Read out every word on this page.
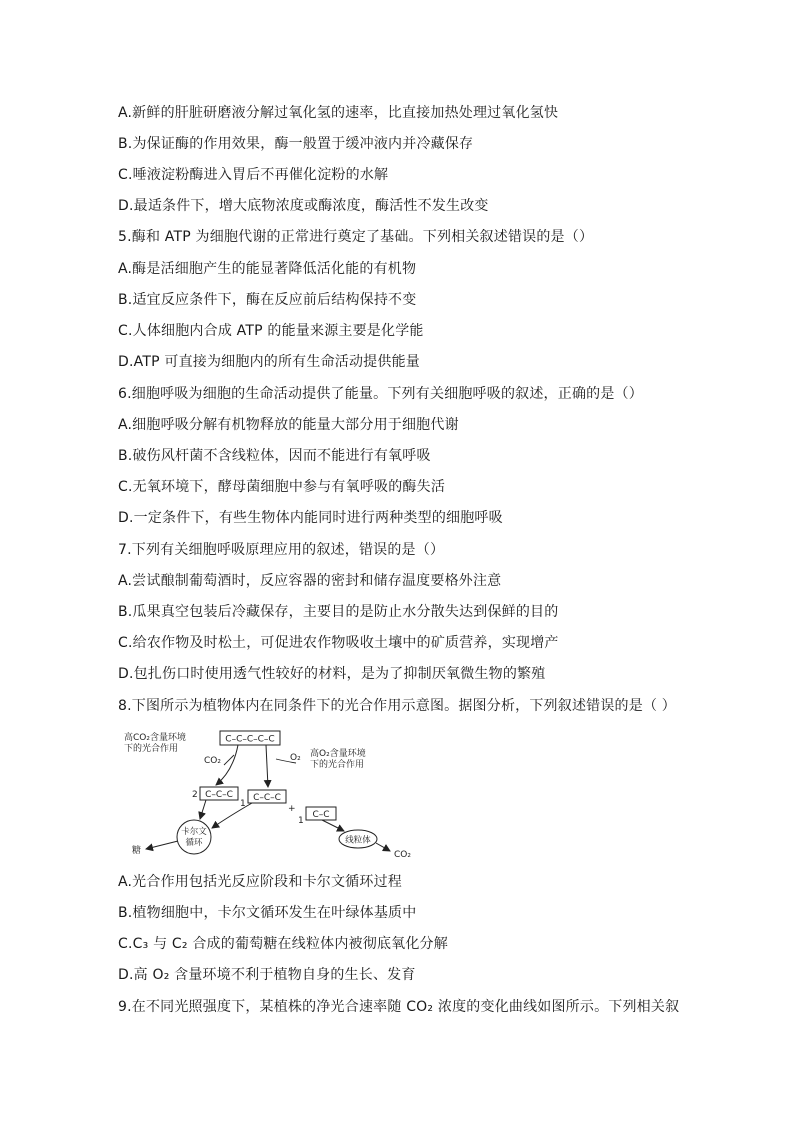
A.新鲜的肝脏研磨液分解过氧化氢的速率，比直接加热处理过氧化氢快
B.为保证酶的作用效果，酶一般置于缓冲液内并冷藏保存
C.唾液淀粉酶进入胃后不再催化淀粉的水解
D.最适条件下，增大底物浓度或酶浓度，酶活性不发生改变
5.酶和 ATP 为细胞代谢的正常进行奠定了基础。下列相关叙述错误的是（）
A.酶是活细胞产生的能显著降低活化能的有机物
B.适宜反应条件下，酶在反应前后结构保持不变
C.人体细胞内合成 ATP 的能量来源主要是化学能
D.ATP 可直接为细胞内的所有生命活动提供能量
6.细胞呼吸为细胞的生命活动提供了能量。下列有关细胞呼吸的叙述，正确的是（）
A.细胞呼吸分解有机物释放的能量大部分用于细胞代谢
B.破伤风杆菌不含线粒体，因而不能进行有氧呼吸
C.无氧环境下，酵母菌细胞中参与有氧呼吸的酶失活
D.一定条件下，有些生物体内能同时进行两种类型的细胞呼吸
7.下列有关细胞呼吸原理应用的叙述，错误的是（）
A.尝试酿制葡萄酒时，反应容器的密封和储存温度要格外注意
B.瓜果真空包装后冷藏保存，主要目的是防止水分散失达到保鲜的目的
C.给农作物及时松土，可促进农作物吸收土壤中的矿质营养，实现增产
D.包扎伤口时使用透气性较好的材料，是为了抑制厌氧微生物的繁殖
8.下图所示为植物体内在同条件下的光合作用示意图。据图分析，下列叙述错误的是（ ）
高CO₂含量环境
下的光合作用
C–C–C–C–C
CO₂	O₂ 高O₂含量环境
下的光合作用
2 C–C–C
1
C–C–C
+
1
C–C
卡尔文
循环
糖
线粒体
CO₂
A.光合作用包括光反应阶段和卡尔文循环过程
B.植物细胞中，卡尔文循环发生在叶绿体基质中
C.C₃ 与 C₂ 合成的葡萄糖在线粒体内被彻底氧化分解
D.高 O₂ 含量环境不利于植物自身的生长、发育
9.在不同光照强度下，某植株的净光合速率随 CO₂ 浓度的变化曲线如图所示。下列相关叙
